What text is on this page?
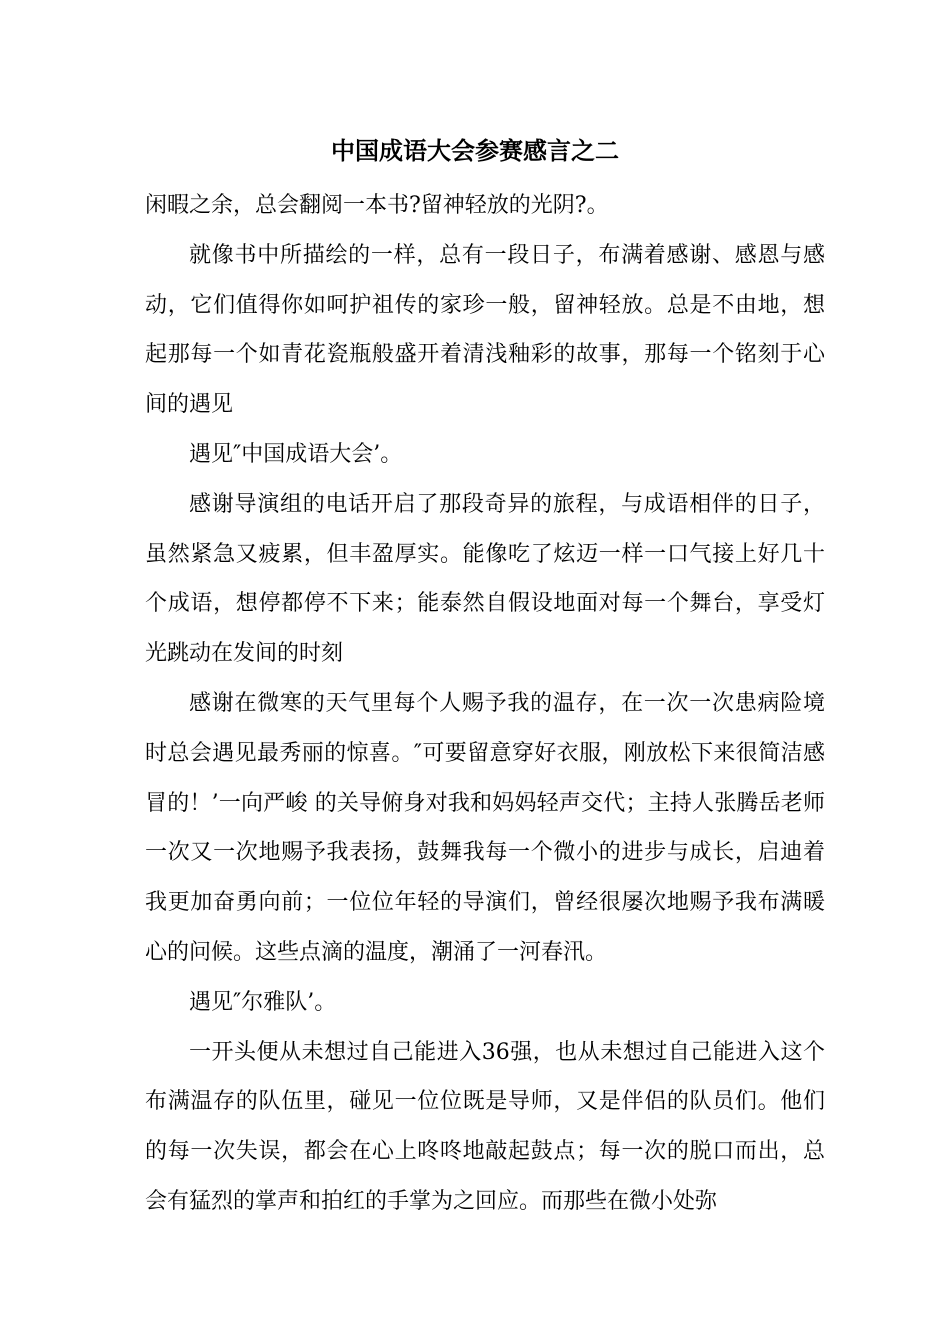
中国成语大会参赛感言之二

闲暇之余，总会翻阅一本书?留神轻放的光阴?。

就像书中所描绘的一样，总有一段日子，布满着感谢、感恩与感动，它们值得你如呵护祖传的家珍一般，留神轻放。总是不由地，想起那每一个如青花瓷瓶般盛开着清浅釉彩的故事，那每一个铭刻于心间的遇见

遇见″中国成语大会’。

感谢导演组的电话开启了那段奇异的旅程，与成语相伴的日子，虽然紧急又疲累，但丰盈厚实。能像吃了炫迈一样一口气接上好几十个成语，想停都停不下来；能泰然自假设地面对每一个舞台，享受灯光跳动在发间的时刻

感谢在微寒的天气里每个人赐予我的温存，在一次一次患病险境时总会遇见最秀丽的惊喜。″可要留意穿好衣服，刚放松下来很简洁感冒的！’一向严峻 的关导俯身对我和妈妈轻声交代；主持人张腾岳老师一次又一次地赐予我表扬，鼓舞我每一个微小的进步与成长，启迪着我更加奋勇向前；一位位年轻的导演们，曾经很屡次地赐予我布满暖心的问候。这些点滴的温度，潮涌了一河春汛。

遇见″尔雅队’。

一开头便从未想过自己能进入36强，也从未想过自己能进入这个布满温存的队伍里，碰见一位位既是导师，又是伴侣的队员们。他们的每一次失误，都会在心上咚咚地敲起鼓点；每一次的脱口而出，总会有猛烈的掌声和拍红的手掌为之回应。而那些在微小处弥
